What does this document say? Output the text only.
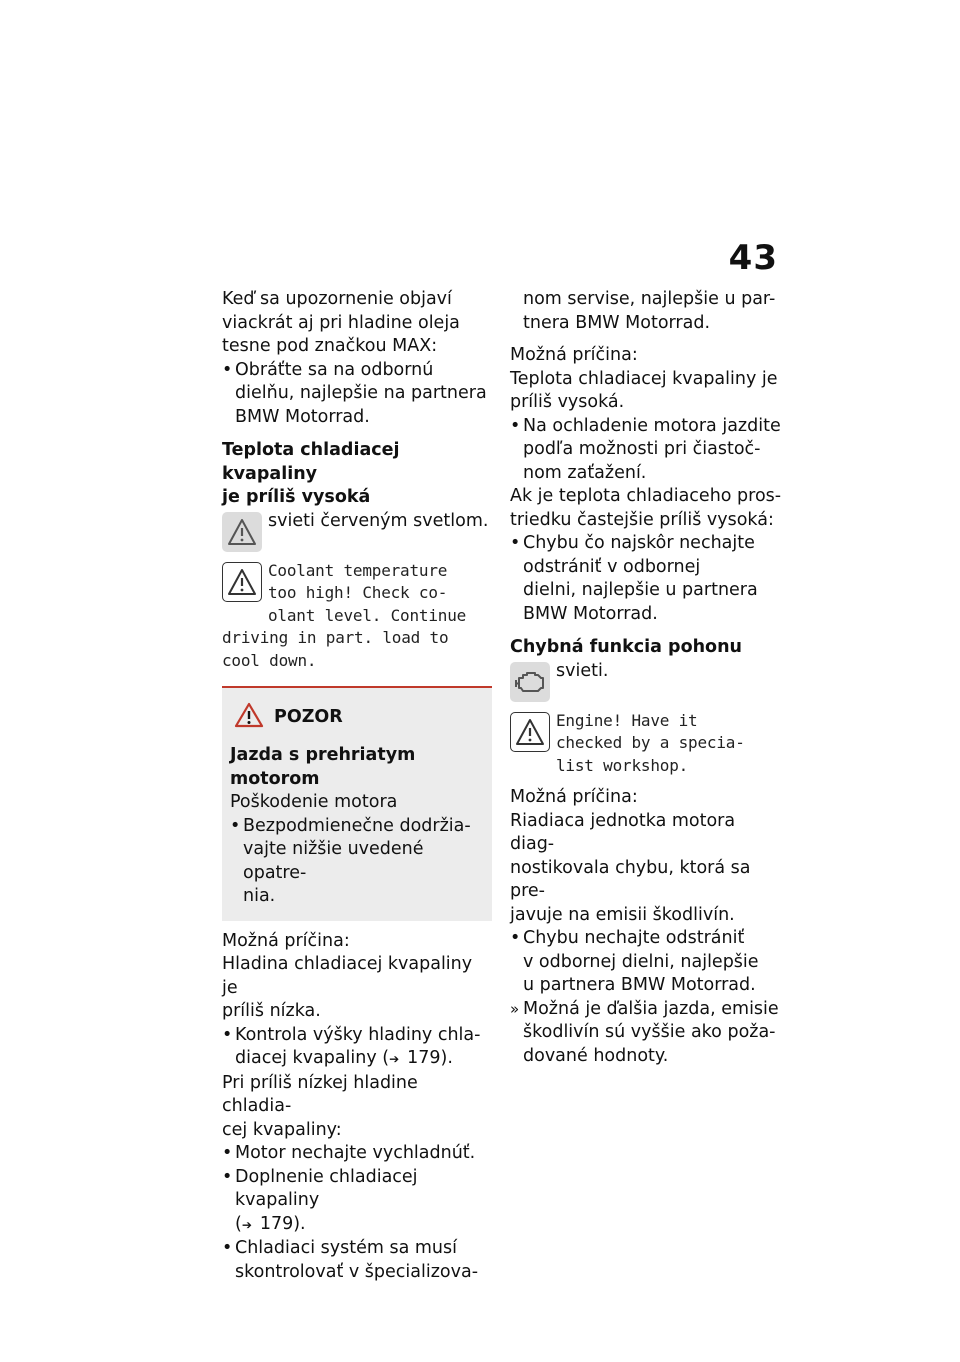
43

Keď sa upozornenie objaví

viackrát aj pri hladine oleja

tesne pod značkou MAX:

• Obráťte sa na odbornú
dielňu, najlepšie na partnera
BMW Motorrad.
Teplota chladiacej kvapaliny
je príliš vysoká

svieti červeným svetlom.

Coolant temperature
too high! Check co-
olant level. Continue
driving in part. load to
cool down.
POZOR
Jazda s prehriatym motorom

Poškodenie motora

• Bezpodmienečne dodržia-
vajte nižšie uvedené opatre-
nia.

Možná príčina:

Hladina chladiacej kvapaliny je

príliš nízka.

• Kontrola výšky hladiny chla-
diacej kvapaliny (➔ 179).

Pri príliš nízkej hladine chladia-

cej kvapaliny:

• Motor nechajte vychladnúť.
• Doplnenie chladiacej kvapaliny
(➔ 179).
• Chladiaci systém sa musí
skontrolovať v špecializova-

nom servise, najlepšie u par-

tnera BMW Motorrad.

Možná príčina:

Teplota chladiacej kvapaliny je

príliš vysoká.

• Na ochladenie motora jazdite
podľa možnosti pri čiastoč-
nom zaťažení.

Ak je teplota chladiaceho pros-

triedku častejšie príliš vysoká:

• Chybu čo najskôr nechajte
odstrániť v odbornej
dielni, najlepšie u partnera
BMW Motorrad.
Chybná funkcia pohonu

svieti.

Engine! Have it
checked by a specia-
list workshop.

Možná príčina:

Riadiaca jednotka motora diag-

nostikovala chybu, ktorá sa pre-

javuje na emisii škodlivín.

• Chybu nechajte odstrániť
v odbornej dielni, najlepšie
u partnera BMW Motorrad.
» Možná je ďalšia jazda, emisie
škodlivín sú vyššie ako poža-
dované hodnoty.
